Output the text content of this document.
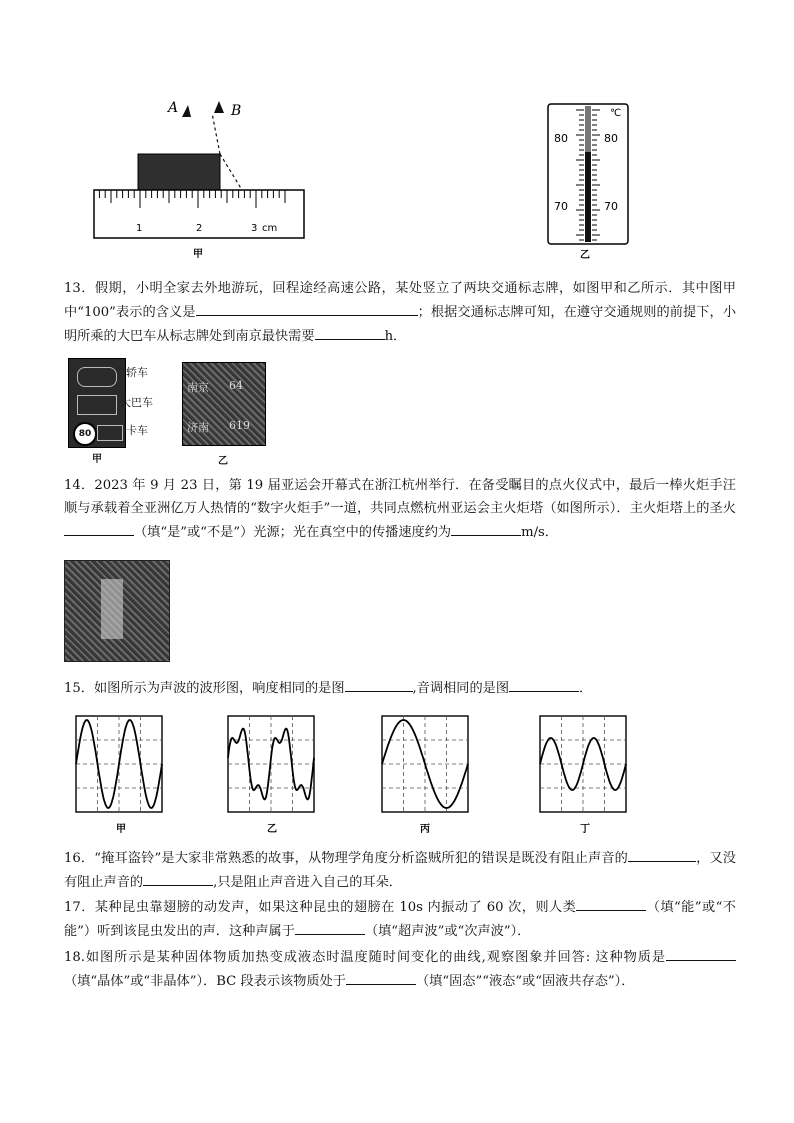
A	B
1	2	3 cm
甲
℃
80	80
70	70
乙
13．假期，小明全家去外地游玩，回程途经高速公路，某处竖立了两块交通标志牌，如图甲和乙所示．其中图甲中“100”表示的含义是	；根据交通标志牌可知，在遵守交通规则的前提下，小明所乘的大巴车从标志牌处到南京最快需要	h．
80
轿车
大巴车
卡车
南京 64
济南 619
甲	乙
14．2023 年 9 月 23 日，第 19 届亚运会开幕式在浙江杭州举行．在备受瞩目的点火仪式中，最后一棒火炬手汪顺与承载着全亚洲亿万人热情的“数字火炬手”一道，共同点燃杭州亚运会主火炬塔（如图所示）．主火炬塔上的圣火（填“是”或“不是”）光源；光在真空中的传播速度约为	m/s．
15．如图所示为声波的波形图，响度相同的是图	,音调相同的是图	．
甲	乙	丙	丁
16．“掩耳盗铃”是大家非常熟悉的故事，从物理学角度分析盗贼所犯的错误是既没有阻止声音的	，又没有阻止声音的	,只是阻止声音进入自己的耳朵．
17．某种昆虫靠翅膀的动发声，如果这种昆虫的翅膀在 10s 内振动了 60 次，则人类	（填“能”或“不能”）听到该昆虫发出的声．这种声属于	（填“超声波”或“次声波”）．
18.如图所示是某种固体物质加热变成液态时温度随时间变化的曲线,观察图象并回答: 这种物质是（填“晶体”或“非晶体”）．BC 段表示该物质处于	（填“固态”“液态”或“固液共存态”）．
